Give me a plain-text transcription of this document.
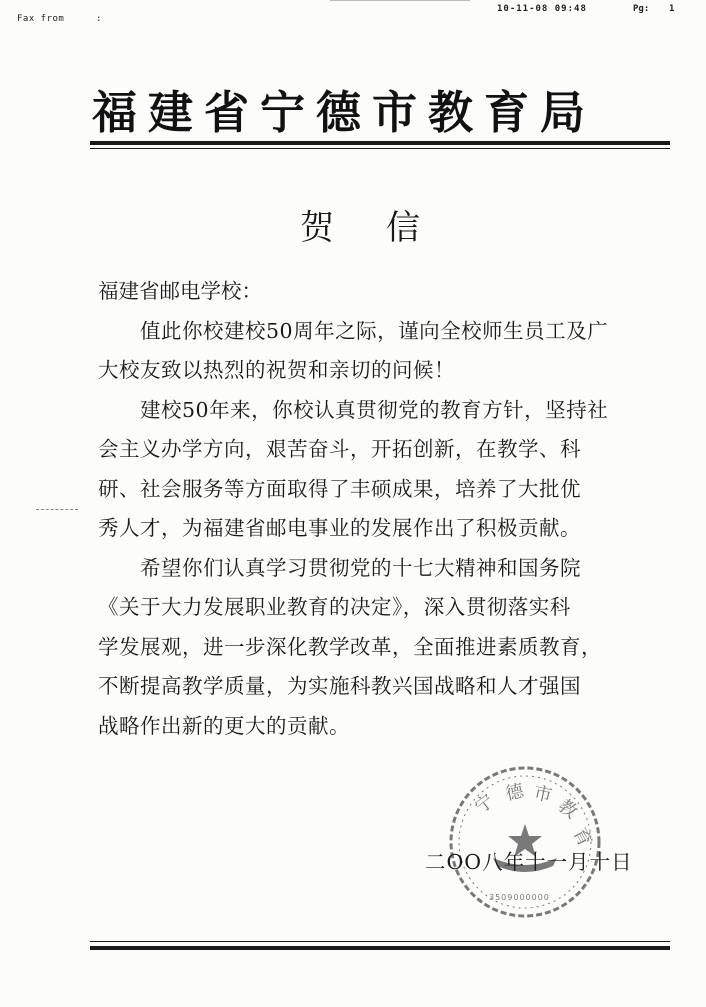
Fax from	:
10-11-08 09:48	Pg: 1
福建省宁德市教育局
贺信
福建省邮电学校：
　　值此你校建校50周年之际，谨向全校师生员工及广
大校友致以热烈的祝贺和亲切的问候！
　　建校50年来，你校认真贯彻党的教育方针，坚持社
会主义办学方向，艰苦奋斗，开拓创新，在教学、科
研、社会服务等方面取得了丰硕成果，培养了大批优
秀人才，为福建省邮电事业的发展作出了积极贡献。
　　希望你们认真学习贯彻党的十七大精神和国务院
《关于大力发展职业教育的决定》，深入贯彻落实科
学发展观，进一步深化教学改革，全面推进素质教育，
不断提高教学质量，为实施科教兴国战略和人才强国
战略作出新的更大的贡献。
宁 德 市
教
育
3509000000
二OO八年十一月十日
